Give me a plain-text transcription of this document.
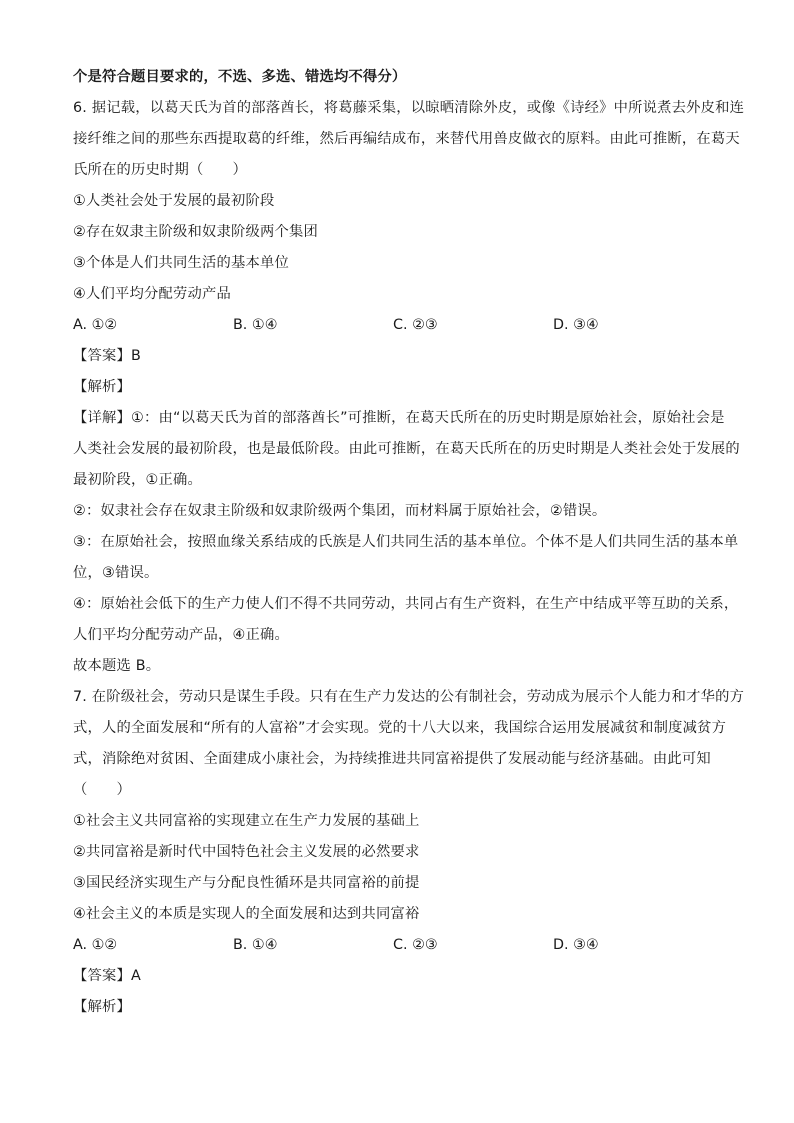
个是符合题目要求的，不选、多选、错选均不得分）
6. 据记载，以葛天氏为首的部落酋长，将葛藤采集，以晾晒清除外皮，或像《诗经》中所说煮去外皮和连
接纤维之间的那些东西提取葛的纤维，然后再编结成布，来替代用兽皮做衣的原料。由此可推断，在葛天
氏所在的历史时期（　　）
①人类社会处于发展的最初阶段
②存在奴隶主阶级和奴隶阶级两个集团
③个体是人们共同生活的基本单位
④人们平均分配劳动产品
A. ①②	B. ①④	C. ②③	D. ③④
【答案】B
【解析】
【详解】①：由“以葛天氏为首的部落酋长”可推断，在葛天氏所在的历史时期是原始社会，原始社会是
人类社会发展的最初阶段，也是最低阶段。由此可推断，在葛天氏所在的历史时期是人类社会处于发展的
最初阶段，①正确。
②：奴隶社会存在奴隶主阶级和奴隶阶级两个集团，而材料属于原始社会，②错误。
③：在原始社会，按照血缘关系结成的氏族是人们共同生活的基本单位。个体不是人们共同生活的基本单
位，③错误。
④：原始社会低下的生产力使人们不得不共同劳动，共同占有生产资料，在生产中结成平等互助的关系，
人们平均分配劳动产品，④正确。
故本题选 B。
7. 在阶级社会，劳动只是谋生手段。只有在生产力发达的公有制社会，劳动成为展示个人能力和才华的方
式，人的全面发展和“所有的人富裕”才会实现。党的十八大以来，我国综合运用发展减贫和制度减贫方
式，消除绝对贫困、全面建成小康社会，为持续推进共同富裕提供了发展动能与经济基础。由此可知
（　　）
①社会主义共同富裕的实现建立在生产力发展的基础上
②共同富裕是新时代中国特色社会主义发展的必然要求
③国民经济实现生产与分配良性循环是共同富裕的前提
④社会主义的本质是实现人的全面发展和达到共同富裕
A. ①②	B. ①④	C. ②③	D. ③④
【答案】A
【解析】
